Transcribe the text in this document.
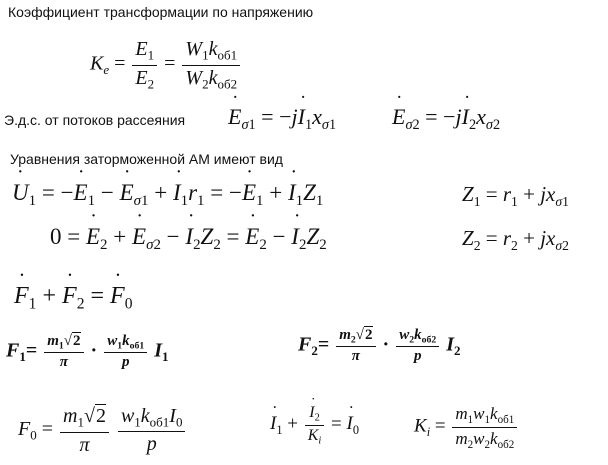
Коэффициент трансформации по напряжению
$K_e = \frac{E_1}{E_2} = \frac{W_1k_{об1}}{W_2k_{об2}}$
Э.д.с. от потоков рассеяния ˙ $E_{\sigma 1}$ = −j˙ $I_1x_{\sigma 1}$	˙ $E_{\sigma 2}$ = −j˙ $I_2x_{\sigma 2}$
Уравнения заторможенной АМ имеют вид
˙ $U_1$ = −˙ $E_1$ − ˙ $E_{\sigma 1}$ + ˙ $I_1r_1$ = −˙ $E_1$ + ˙ $I_1Z_1$	$Z_1 = r_1 + jx_{\sigma 1}$
0 = ˙ $E_2$ + ˙ $E_{\sigma 2}$ − ˙ $I_2Z_2$ = ˙ $E_2$ − ˙ $I_2Z_2$	$Z_2 = r_2 + jx_{\sigma 2}$
˙ $F_1$ + ˙ $F_2$ = ˙ $F_0$
$F_1= \frac{m_1√2}{\pi} \cdot \frac{w_1k_{об1}}{p} I_1$
$F_2= \frac{m_2√2}{\pi} \cdot \frac{w_2k_{об2}}{p} I_2$
$F_0 = \frac{m_1√2}{\pi}$
$\frac{w_1k_{об1}I_0}{p}$	˙ $I_1$ + ˙ $\frac{I_2}{K_i}$ = ˙ $I_0$	$K_i = \frac{m_1w_1k_{об1}}{m_2w_2k_{об2}}$
